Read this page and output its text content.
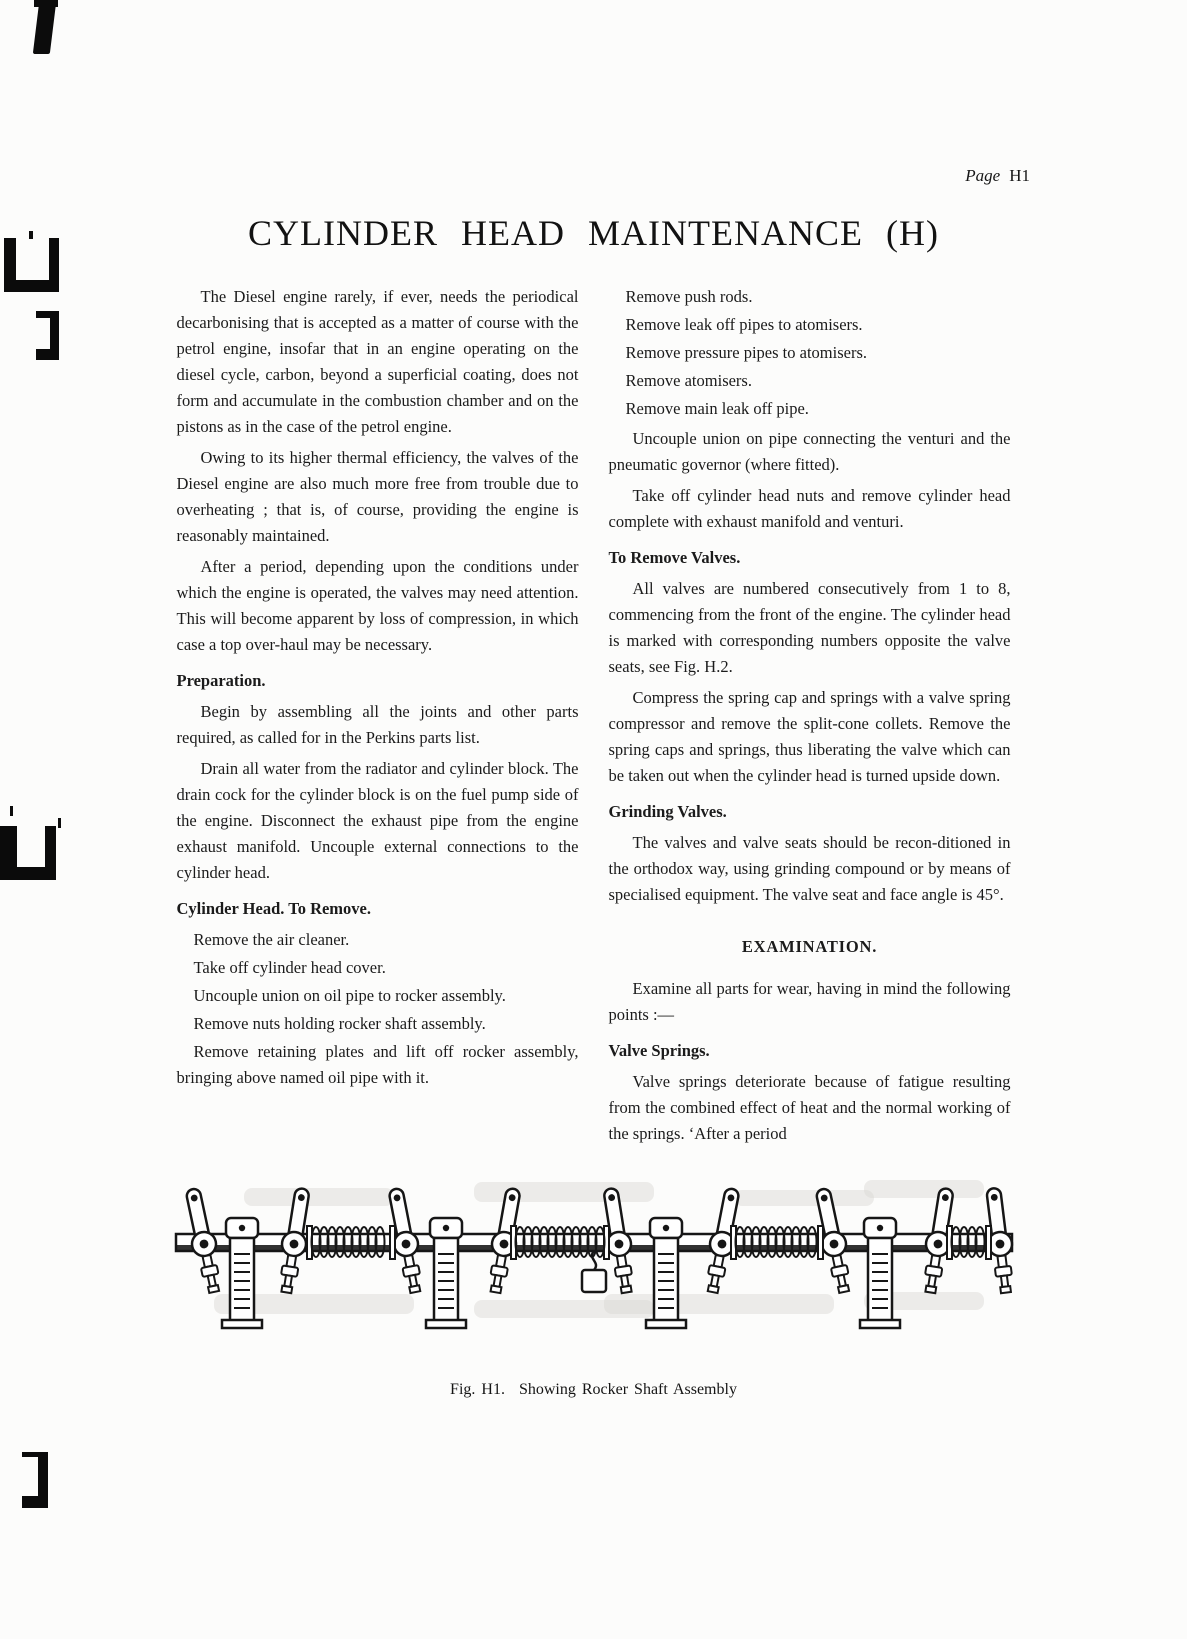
Page H1
CYLINDER HEAD MAINTENANCE (H)

The Diesel engine rarely, if ever, needs the periodical decarbonising that is accepted as a matter of course with the petrol engine, insofar that in an engine operating on the diesel cycle, carbon, beyond a superficial coating, does not form and accumulate in the combustion chamber and on the pistons as in the case of the petrol engine.

Owing to its higher thermal efficiency, the valves of the Diesel engine are also much more free from trouble due to overheating ; that is, of course, providing the engine is reasonably maintained.

After a period, depending upon the conditions under which the engine is operated, the valves may need attention. This will become apparent by loss of compression, in which case a top over-haul may be necessary.

Preparation.

Begin by assembling all the joints and other parts required, as called for in the Perkins parts list.

Drain all water from the radiator and cylinder block. The drain cock for the cylinder block is on the fuel pump side of the engine. Disconnect the exhaust pipe from the engine exhaust manifold. Uncouple external connections to the cylinder head.

Cylinder Head. To Remove.

Remove the air cleaner.

Take off cylinder head cover.

Uncouple union on oil pipe to rocker assembly.

Remove nuts holding rocker shaft assembly.

Remove retaining plates and lift off rocker assembly, bringing above named oil pipe with it.

Remove push rods.

Remove leak off pipes to atomisers.

Remove pressure pipes to atomisers.

Remove atomisers.

Remove main leak off pipe.

Uncouple union on pipe connecting the venturi and the pneumatic governor (where fitted).

Take off cylinder head nuts and remove cylinder head complete with exhaust manifold and venturi.

To Remove Valves.

All valves are numbered consecutively from 1 to 8, commencing from the front of the engine. The cylinder head is marked with corresponding numbers opposite the valve seats, see Fig. H.2.

Compress the spring cap and springs with a valve spring compressor and remove the split-cone collets. Remove the spring caps and springs, thus liberating the valve which can be taken out when the cylinder head is turned upside down.

Grinding Valves.

The valves and valve seats should be recon-ditioned in the orthodox way, using grinding compound or by means of specialised equipment. The valve seat and face angle is 45°.

EXAMINATION.

Examine all parts for wear, having in mind the following points :—

Valve Springs.

Valve springs deteriorate because of fatigue resulting from the combined effect of heat and the normal working of the springs. ‘After a period

Fig. H1. Showing Rocker Shaft Assembly
